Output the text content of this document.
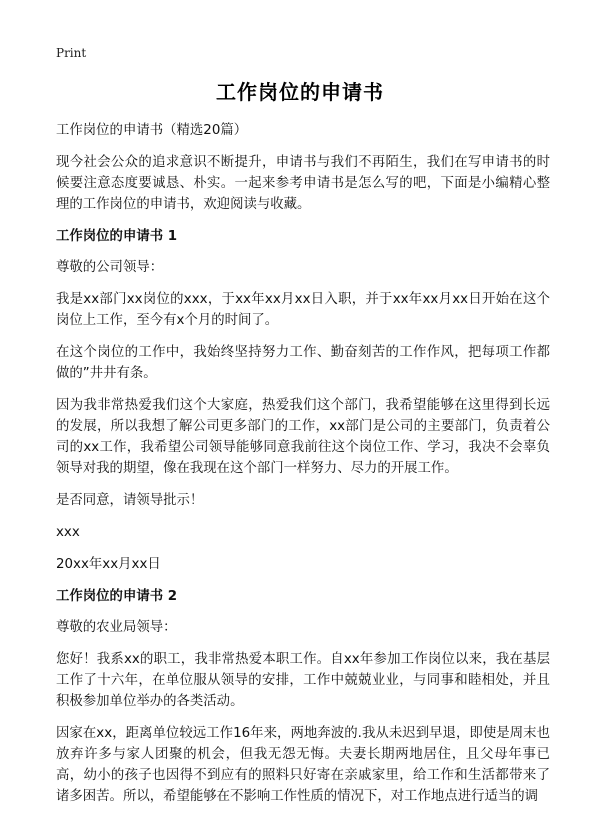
Print
工作岗位的申请书

工作岗位的申请书（精选20篇）

现今社会公众的追求意识不断提升，申请书与我们不再陌生，我们在写申请书的时候要注意态度要诚恳、朴实。一起来参考申请书是怎么写的吧，下面是小编精心整理的工作岗位的申请书，欢迎阅读与收藏。

工作岗位的申请书 1

尊敬的公司领导：

我是xx部门xx岗位的xxx，于xx年xx月xx日入职，并于xx年xx月xx日开始在这个岗位上工作，至今有x个月的时间了。

在这个岗位的工作中，我始终坚持努力工作、勤奋刻苦的工作作风，把每项工作都做的”井井有条。

因为我非常热爱我们这个大家庭，热爱我们这个部门，我希望能够在这里得到长远的发展，所以我想了解公司更多部门的工作，xx部门是公司的主要部门，负责着公司的xx工作，我希望公司领导能够同意我前往这个岗位工作、学习，我决不会辜负领导对我的期望，像在我现在这个部门一样努力、尽力的开展工作。

是否同意，请领导批示！

xxx

20xx年xx月xx日

工作岗位的申请书 2

尊敬的农业局领导：

您好！我系xx的职工，我非常热爱本职工作。自xx年参加工作岗位以来，我在基层工作了十六年，在单位服从领导的安排，工作中兢兢业业，与同事和睦相处，并且积极参加单位举办的各类活动。

因家在xx，距离单位较远工作16年来，两地奔波的.我从未迟到早退，即使是周末也放弃许多与家人团聚的机会，但我无怨无悔。夫妻长期两地居住，且父母年事已高，幼小的孩子也因得不到应有的照料只好寄在亲戚家里，给工作和生活都带来了诸多困苦。所以，希望能够在不影响工作性质的情况下，对工作地点进行适当的调
